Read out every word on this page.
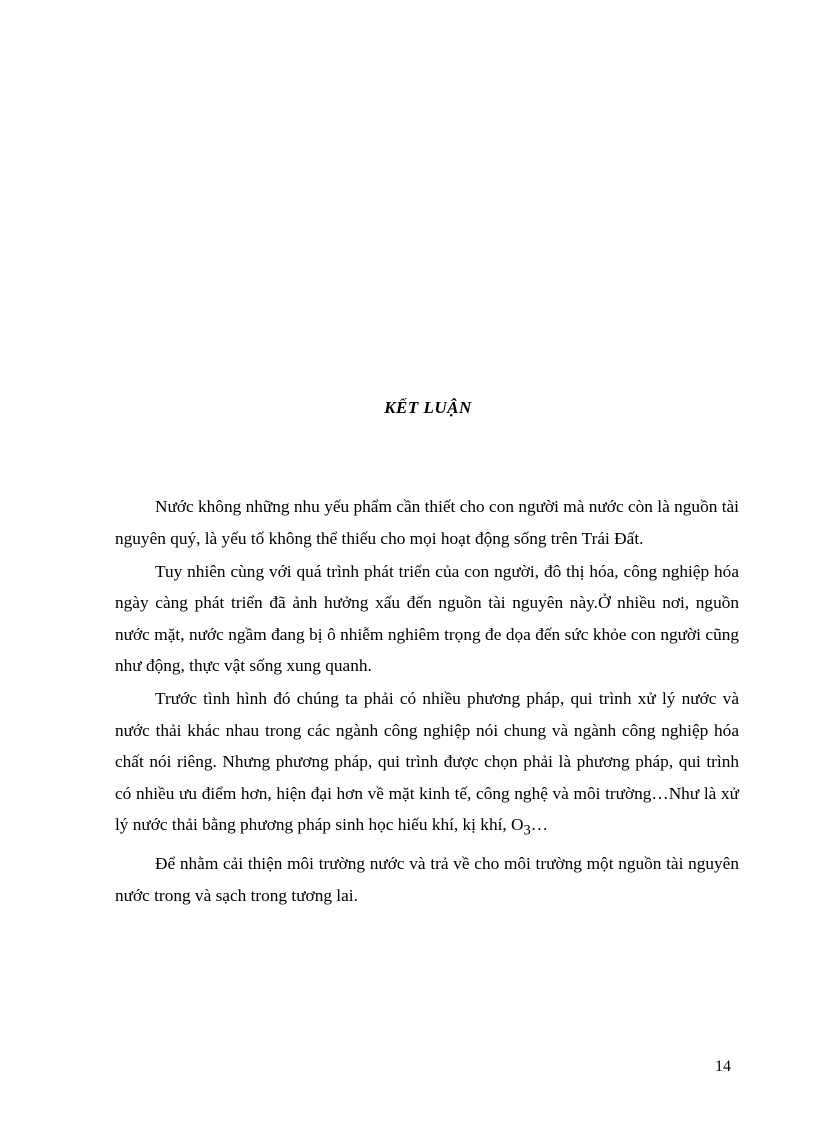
KẾT LUẬN

Nước không những nhu yếu phẩm cần thiết cho con người mà nước còn là nguồn tài nguyên quý, là yếu tố không thể thiếu cho mọi hoạt động sống trên Trái Đất.

Tuy nhiên cùng với quá trình phát triển của con người, đô thị hóa, công nghiệp hóa ngày càng phát triển đã ảnh hưởng xấu đến nguồn tài nguyên này.Ở nhiều nơi, nguồn nước mặt, nước ngầm đang bị ô nhiễm nghiêm trọng đe dọa đến sức khỏe con người cũng như động, thực vật sống xung quanh.

Trước tình hình đó chúng ta phải có nhiều phương pháp, qui trình xử lý nước và nước thải khác nhau trong các ngành công nghiệp nói chung và ngành công nghiệp hóa chất nói riêng. Nhưng phương pháp, qui trình được chọn phải là phương pháp, qui trình có nhiều ưu điểm hơn, hiện đại hơn về mặt kinh tế, công nghệ và môi trường…Như là xử lý nước thải bằng phương pháp sinh học hiếu khí, kị khí, $O_3\dots$

Để nhằm cải thiện môi trường nước và trả về cho môi trường một nguồn tài nguyên nước trong và sạch trong tương lai.

14
